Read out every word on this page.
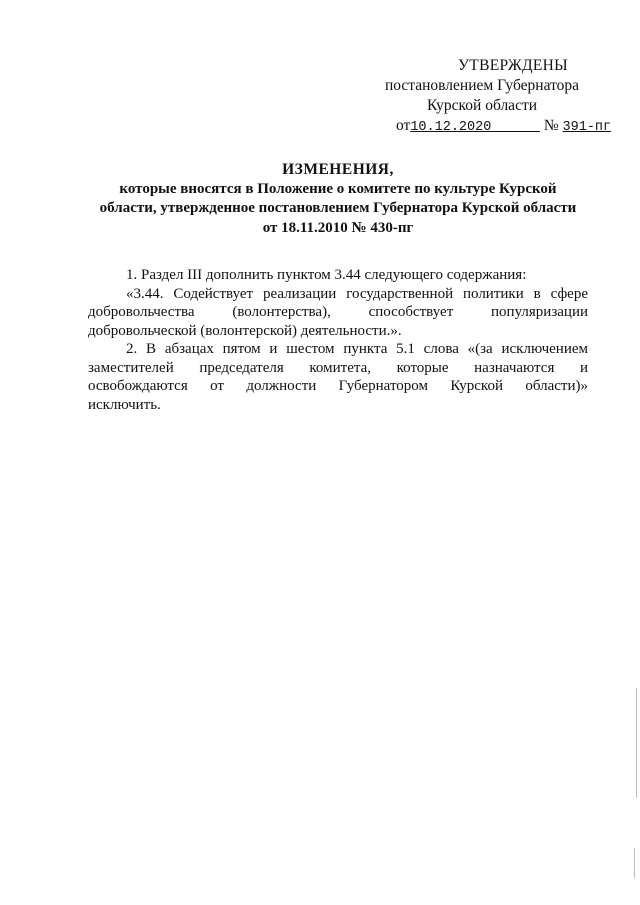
УТВЕРЖДЕНЫ
постановлением Губернатора
Курской области
от10.12.2020	№ 391-пг
ИЗМЕНЕНИЯ,
которые вносятся в Положение о комитете по культуре Курской
области, утвержденное постановлением Губернатора Курской области
от 18.11.2010 № 430-пг

1. Раздел III дополнить пунктом 3.44 следующего содержания:

«3.44. Содействует реализации государственной политики в сфере
добровольчества (волонтерства), способствует популяризации
добровольческой (волонтерской) деятельности.».

2. В абзацах пятом и шестом пункта 5.1 слова «(за исключением
заместителей председателя комитета, которые назначаются и
освобождаются от должности Губернатором Курской области)»
исключить.
